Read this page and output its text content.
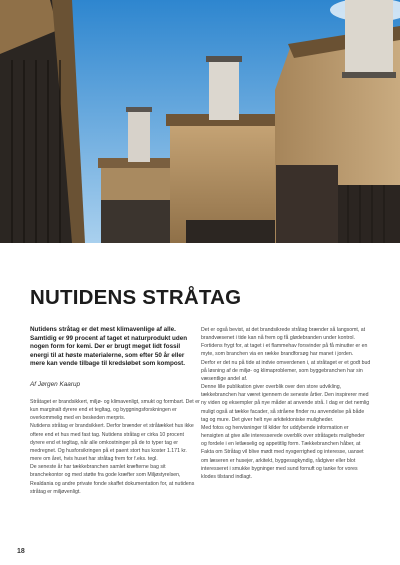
NUTIDENS STRÅTAG

Nutidens stråtag er det mest klimavenlige af alle. Samtidig er 99 procent af taget et naturprodukt uden nogen form for kemi. Der er brugt meget lidt fossil energi til at høste materialerne, som efter 50 år eller mere kan vende tilbage til kredsløbet som kompost.

Af Jørgen Kaarup

Stråtaget er brandsikkert, miljø- og klimavenligt, smukt og formbart. Det er kun marginalt dyrere end et tegltag, og byggningsforskningen er overkommelig med en beskeden merpris.

Nutidens stråtag er brandsikkert. Derfor brænder et stråtækket hus ikke oftere end et hus med fast tag. Nutidens stråtag er cirka 10 procent dyrere end et tegltag, når alle omkostninger på de to typer tag er medregnet. Og husforsikringen på et paent stort hus koster 1.171 kr. mere om året, hvis huset har stråtag frem for f.eks. tegl.

De seneste år har tækkebranchen samlet kræfterne bag sit branchekontor og med støtte fra gode kræfter som Miljøstyrelsen, Realdania og andre private fonde skaffet dokumentation for, at nutidens stråtag er miljøvenligt.

Det er også bevist, at det brandsikrede stråtag brænder så langsomt, at brandvæsenet i tide kan nå frem og få glødebranden under kontrol. Fortidens frygt for, at taget i et flammehav forsvinder på få minutter er en myte, som branchen via en række brandforsøg har manet i jorden.

Derfor er det nu på tide at indvie omverdenen i, at stråtaget er et godt bud på løsning af de miljø- og klimaproblemer, som byggebranchen har sin væsentlige andel af.

Denne lille publikation giver overblik over den store udvikling, tækkebranchen har været igennem de seneste årtier. Den inspirerer med ny viden og eksempler på nye måder at anvende strå. I dag er det nemlig muligt også at tække facader, så stråene finder nu anvendelse på både tag og mure. Det giver helt nye arkitektoniske muligheder.

Med fotos og henvisninger til kilder for uddybende information er hensigten at give alle interesserede overblik over stråtagets muligheder og fordele i en letlæselig og appetitlig form. Tækkebranchen håber, at Fakta om Stråtag vil blive mødt med nysgerrighed og interesse, uanset om læseren er husejer, arkitekt, byggesagkyndig, rådgiver eller blot interesseret i smukke bygninger med sund fornuft og tanke for vores klodes tilstand indlagt.

18
